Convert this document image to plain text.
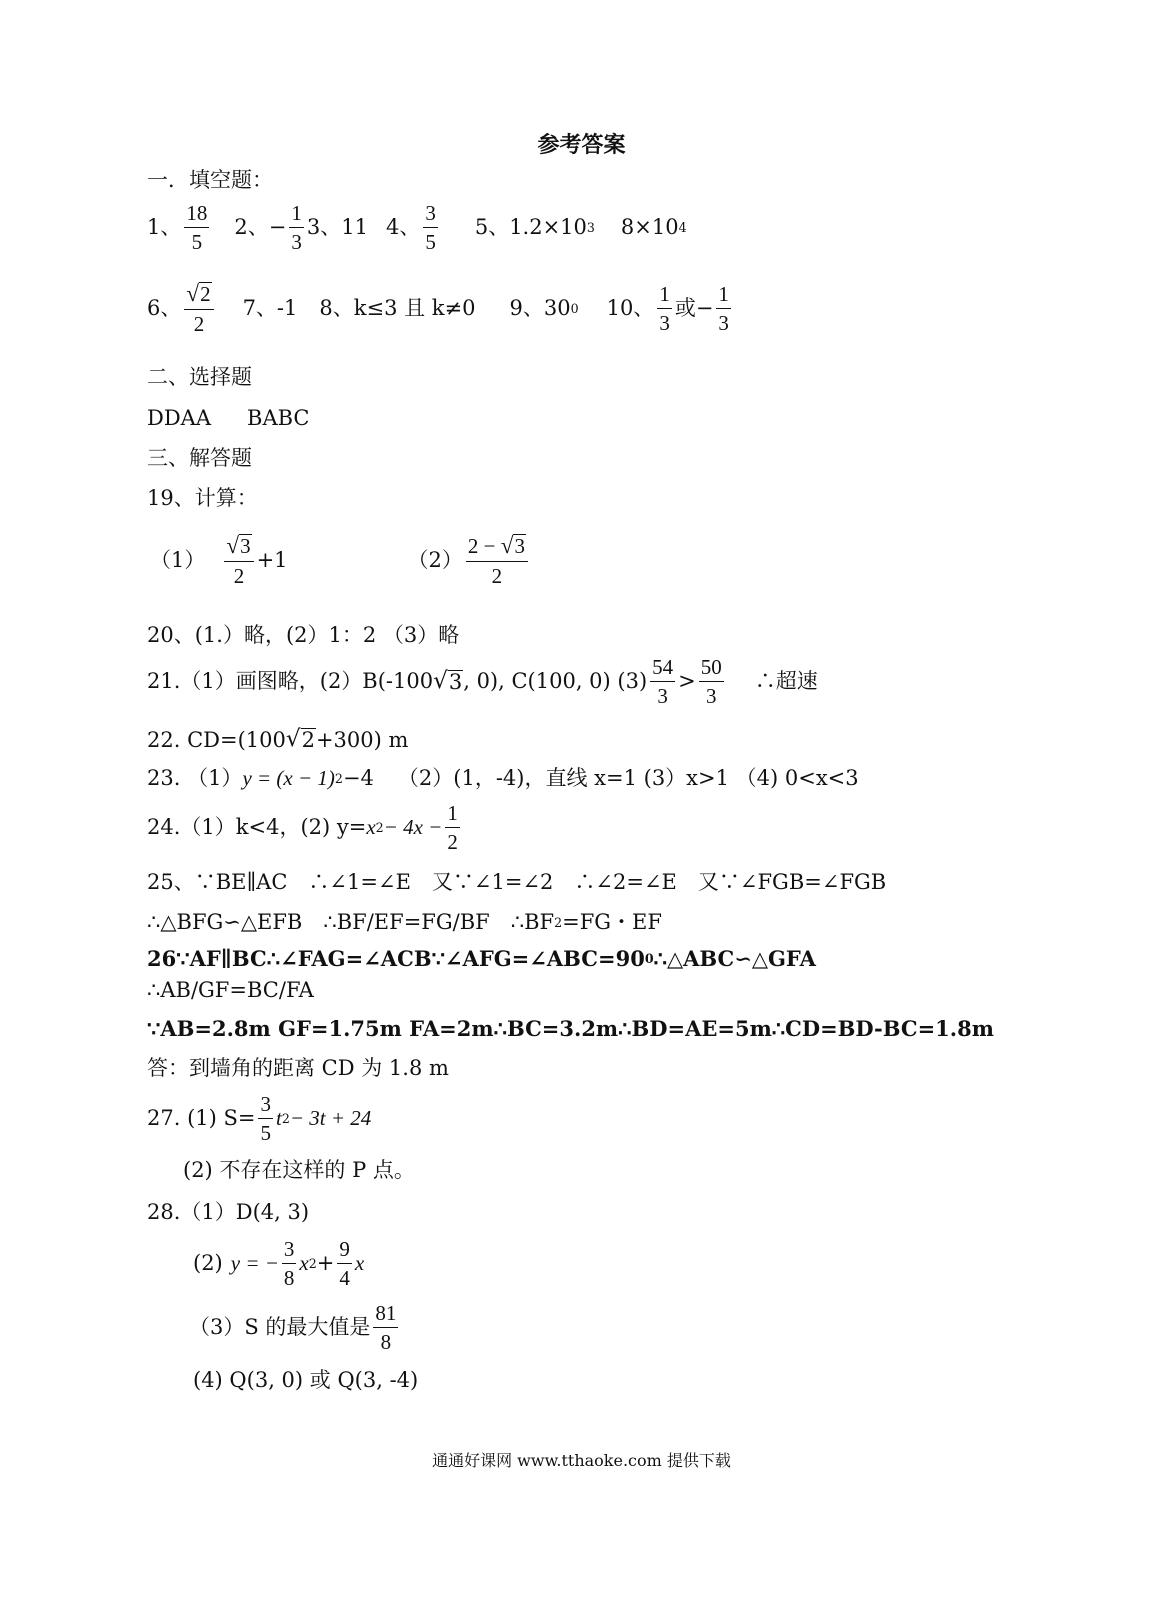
参考答案
一．填空题：
1、 $\frac{18}{5} 2$、 − $\frac{1}{3} 3$、11 4、 $\frac{3}{5} 5$、1.2×10 3 8×10 4
6、 $\frac{√ 2}{2} 7$、-1 8、k≤3 且 k≠0 9、30 0 10、 $\frac{1}{3}$ 或 − $\frac{1}{3}$
二、选择题
DDAA BABC
三、解答题
19、计算：
$(1) \frac{√ 3}{2} +1$	$(2) \frac{2 - √ 3}{2}$
20、(1.）略，(2）1：2 （3）略
21.（1）画图略，(2）B(-100 √ 3 , 0), C(100, 0) $(3) \frac{54}{3} > \frac{50}{3}$ ∴超速
22. CD=(100 √ 2 +300) m
23. （1） y = (x − 1) 2 −4 （2）(1，-4)，直线 x=1 (3）x>1 （4) 0<x<3
24.（1）k<4，(2) y= x $2 - 4x - \frac{1}{2}$
25、∵BE∥AC　∴∠1=∠E　又∵∠1=∠2　∴∠2=∠E　又∵∠FGB=∠FGB
∴△BFG∽△EFB　∴BF/EF=FG/BF　∴BF 2 =FG・EF
26∵AF∥BC∴∠FAG=∠ACB∵∠AFG=∠ABC=90 0 ∴△ABC∽△GFA
∴AB/GF=BC/FA
∵AB=2.8m GF=1.75m FA=2m∴BC=3.2m∴BD=AE=5m∴CD=BD-BC=1.8m
答：到墙角的距离 CD 为 1.8 m
27. (1) $S= \frac{3}{5}$ t 2 − 3t + 24
(2) 不存在这样的 P 点。
28.（1）D(4, 3)
(2) y = − $\frac{3}{8}$ x $2 + \frac{9}{4}$ x
（3）S 的最大值是 $\frac{81}{8}$
(4) Q(3, 0) 或 Q(3, -4)
通通好课网 www.tthaoke.com 提供下载
